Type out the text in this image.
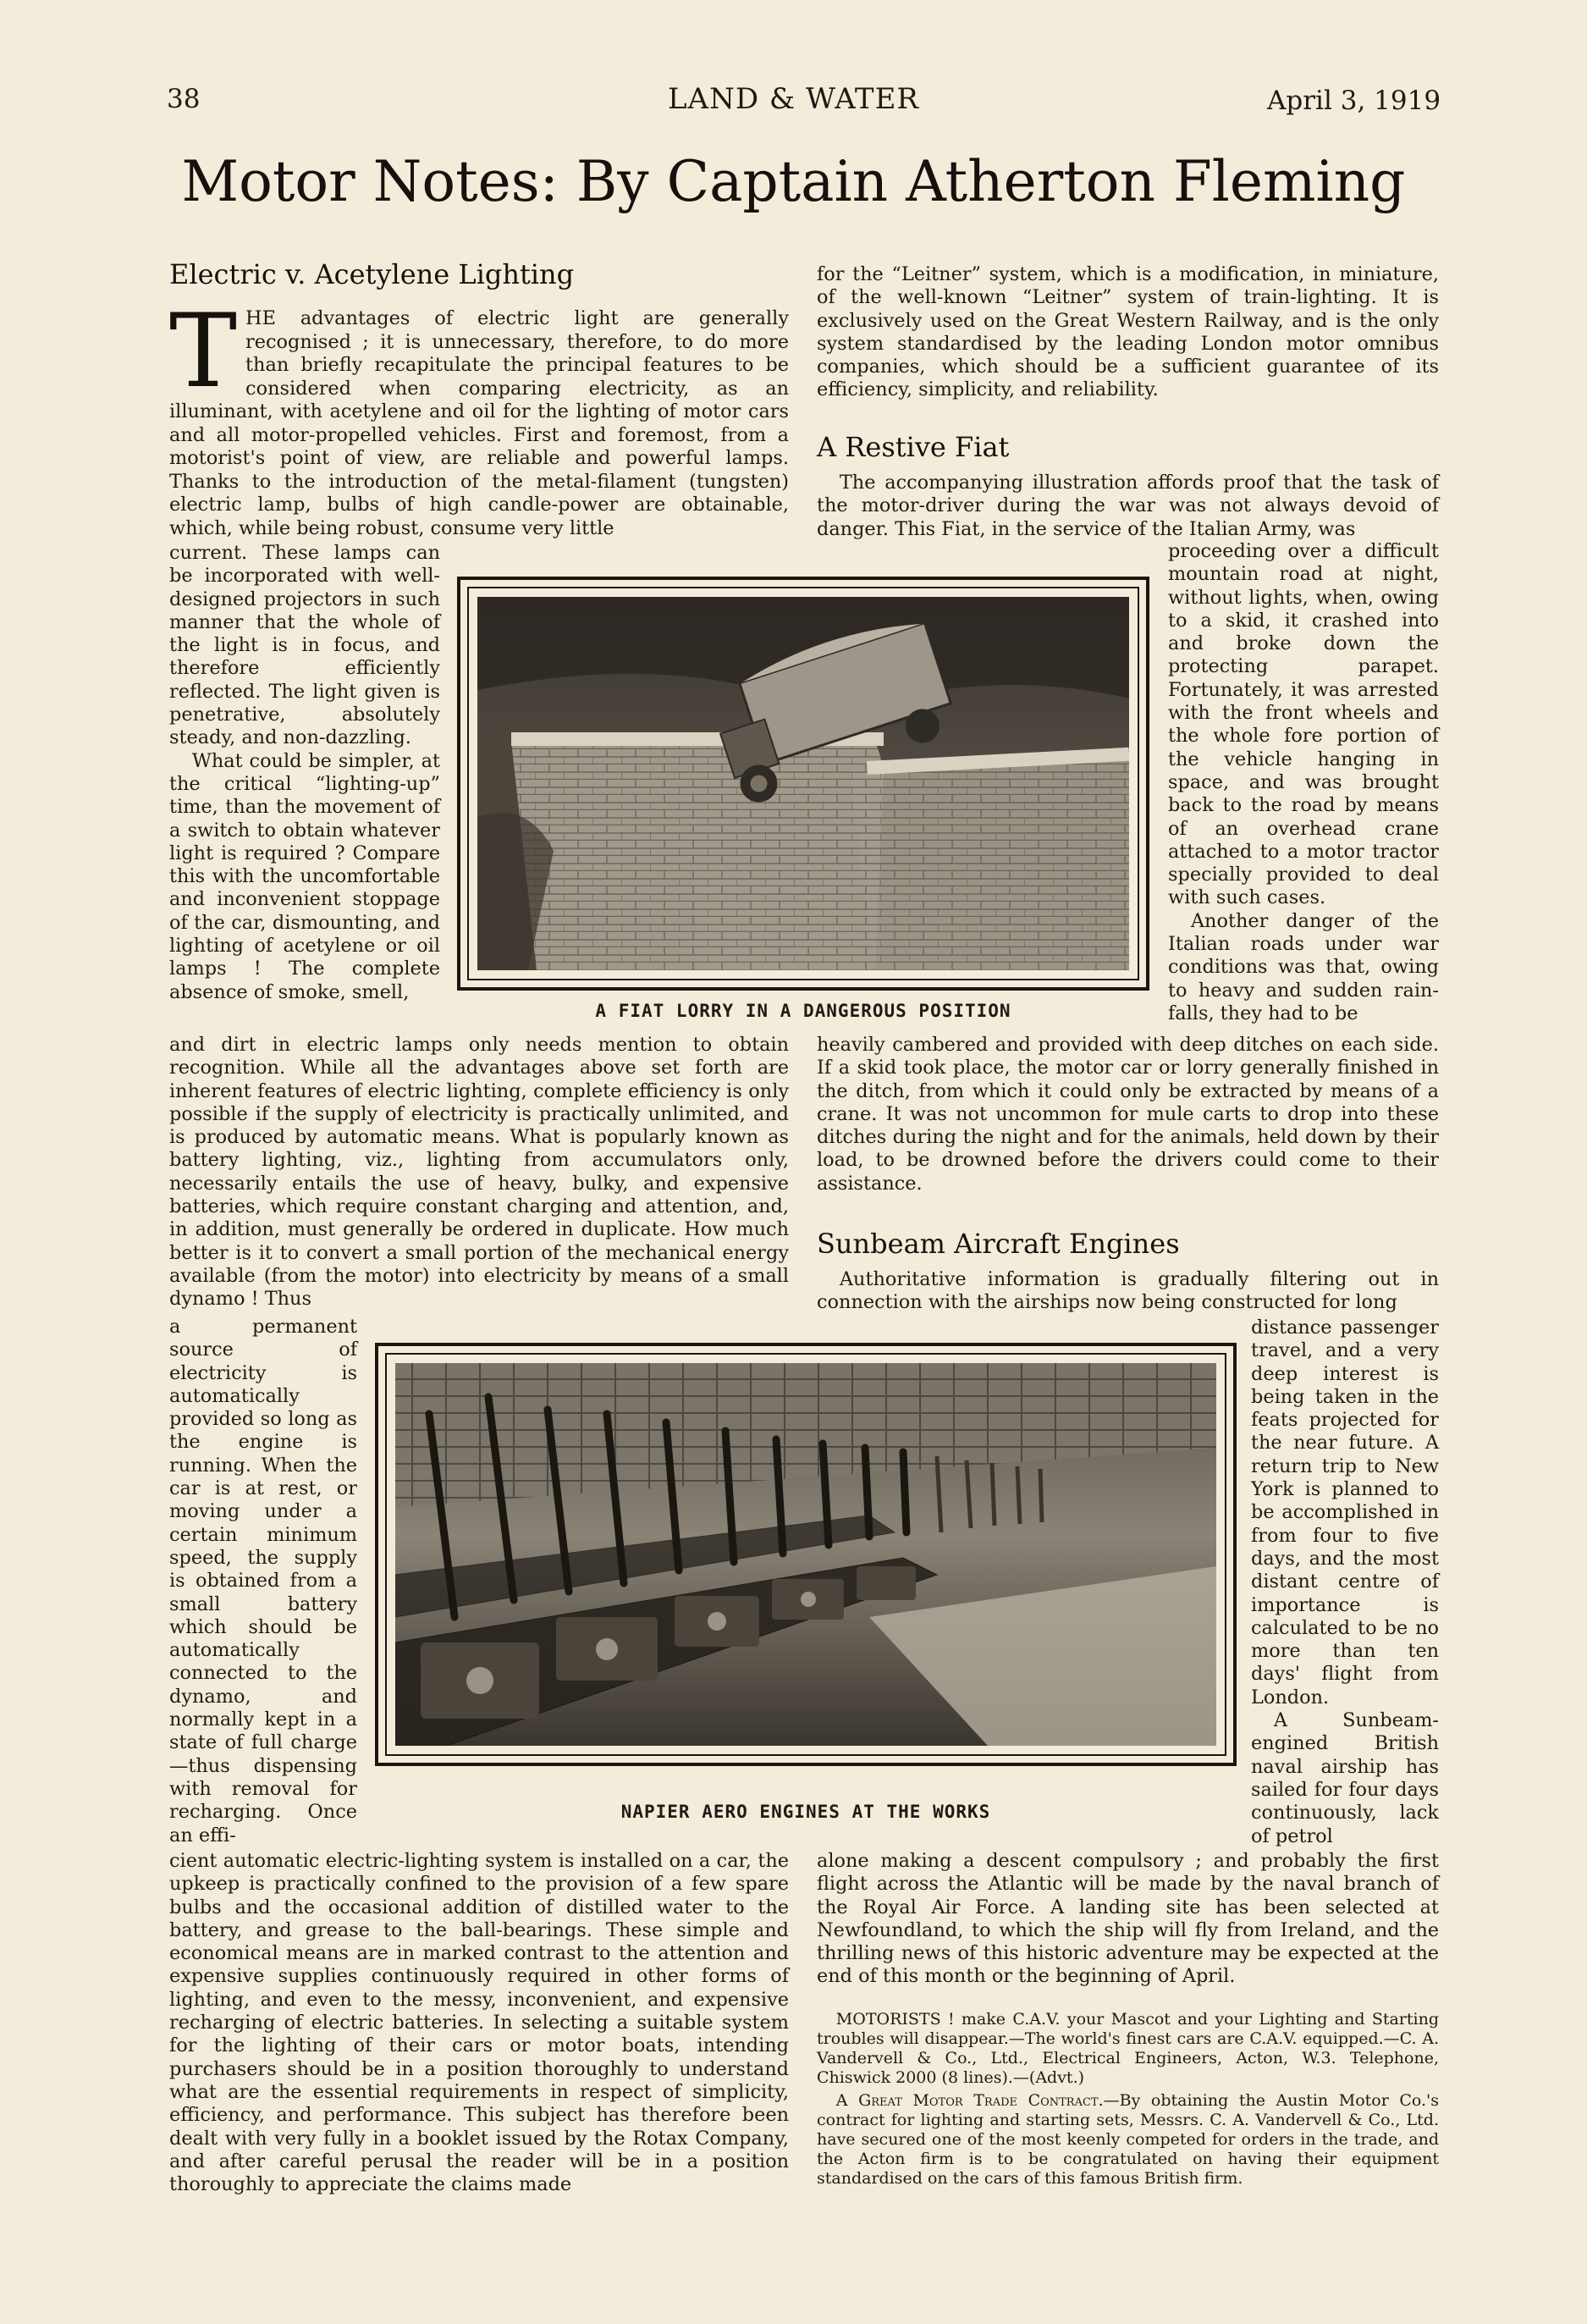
38	LAND & WATER	April 3, 1919
Motor Notes: By Captain Atherton Fleming
Electric v. Acetylene Lighting
T HE advantages of electric light are generally recognised ; it is unnecessary, therefore, to do more than briefly recapitulate the principal features to be considered when comparing electricity, as an illuminant, with acetylene and oil for the lighting of motor cars and all motor-propelled vehicles. First and foremost, from a motorist's point of view, are reliable and powerful lamps. Thanks to the introduction of the metal-filament (tungsten) electric lamp, bulbs of high candle-power are obtainable, which, while being robust, consume very little

current. These lamps can be incorporated with well-designed projectors in such manner that the whole of the light is in focus, and therefore efficiently reflected. The light given is penetrative, absolutely steady, and non-dazzling.

What could be simpler, at the critical “lighting-up” time, than the movement of a switch to obtain whatever light is required ? Compare this with the uncomfortable and inconvenient stoppage of the car, dismounting, and lighting of acetylene or oil lamps ! The complete absence of smoke, smell,

and dirt in electric lamps only needs mention to obtain recognition. While all the advantages above set forth are inherent features of electric lighting, complete efficiency is only possible if the supply of electricity is practically unlimited, and is produced by automatic means. What is popularly known as battery lighting, viz., lighting from accumulators only, necessarily entails the use of heavy, bulky, and expensive batteries, which require constant charging and attention, and, in addition, must generally be ordered in duplicate. How much better is it to convert a small portion of the mechanical energy available (from the motor) into electricity by means of a small dynamo ! Thus

a permanent source of electricity is automatically provided so long as the engine is running. When the car is at rest, or moving under a certain minimum speed, the supply is obtained from a small battery which should be automatically connected to the dynamo, and normally kept in a state of full charge—thus dispensing with removal for recharging. Once an effi-

cient automatic electric-lighting system is installed on a car, the upkeep is practically confined to the provision of a few spare bulbs and the occasional addition of distilled water to the battery, and grease to the ball-bearings. These simple and economical means are in marked contrast to the attention and expensive supplies continuously required in other forms of lighting, and even to the messy, inconvenient, and expensive recharging of electric batteries. In selecting a suitable system for the lighting of their cars or motor boats, intending purchasers should be in a position thoroughly to understand what are the essential requirements in respect of simplicity, efficiency, and performance. This subject has therefore been dealt with very fully in a booklet issued by the Rotax Company, and after careful perusal the reader will be in a position thoroughly to appreciate the claims made

for the “Leitner” system, which is a modification, in miniature, of the well-known “Leitner” system of train-lighting. It is exclusively used on the Great Western Railway, and is the only system standardised by the leading London motor omnibus companies, which should be a sufficient guarantee of its efficiency, simplicity, and reliability.

A Restive Fiat

The accompanying illustration affords proof that the task of the motor-driver during the war was not always devoid of danger. This Fiat, in the service of the Italian Army, was

proceeding over a difficult mountain road at night, without lights, when, owing to a skid, it crashed into and broke down the protecting parapet. Fortunately, it was arrested with the front wheels and the whole fore portion of the vehicle hanging in space, and was brought back to the road by means of an overhead crane attached to a motor tractor specially provided to deal with such cases.

Another danger of the Italian roads under war conditions was that, owing to heavy and sudden rain-falls, they had to be

heavily cambered and provided with deep ditches on each side. If a skid took place, the motor car or lorry generally finished in the ditch, from which it could only be extracted by means of a crane. It was not uncommon for mule carts to drop into these ditches during the night and for the animals, held down by their load, to be drowned before the drivers could come to their assistance.

Sunbeam Aircraft Engines

Authoritative information is gradually filtering out in connection with the airships now being constructed for long

distance passenger travel, and a very deep interest is being taken in the feats projected for the near future. A return trip to New York is planned to be accomplished in from four to five days, and the most distant centre of importance is calculated to be no more than ten days' flight from London.

A Sunbeam-engined British naval airship has sailed for four days continuously, lack of petrol

alone making a descent compulsory ; and probably the first flight across the Atlantic will be made by the naval branch of the Royal Air Force. A landing site has been selected at Newfoundland, to which the ship will fly from Ireland, and the thrilling news of this historic adventure may be expected at the end of this month or the beginning of April.

MOTORISTS ! make C.A.V. your Mascot and your Lighting and Starting troubles will disappear.—The world's finest cars are C.A.V. equipped.—C. A. Vandervell & Co., Ltd., Electrical Engineers, Acton, W.3. Telephone, Chiswick 2000 (8 lines).—(Advt.)

A Great Motor Trade Contract.—By obtaining the Austin Motor Co.'s contract for lighting and starting sets, Messrs. C. A. Vandervell & Co., Ltd. have secured one of the most keenly competed for orders in the trade, and the Acton firm is to be congratulated on having their equipment standardised on the cars of this famous British firm.

A FIAT LORRY IN A DANGEROUS POSITION
NAPIER AERO ENGINES AT THE WORKS
